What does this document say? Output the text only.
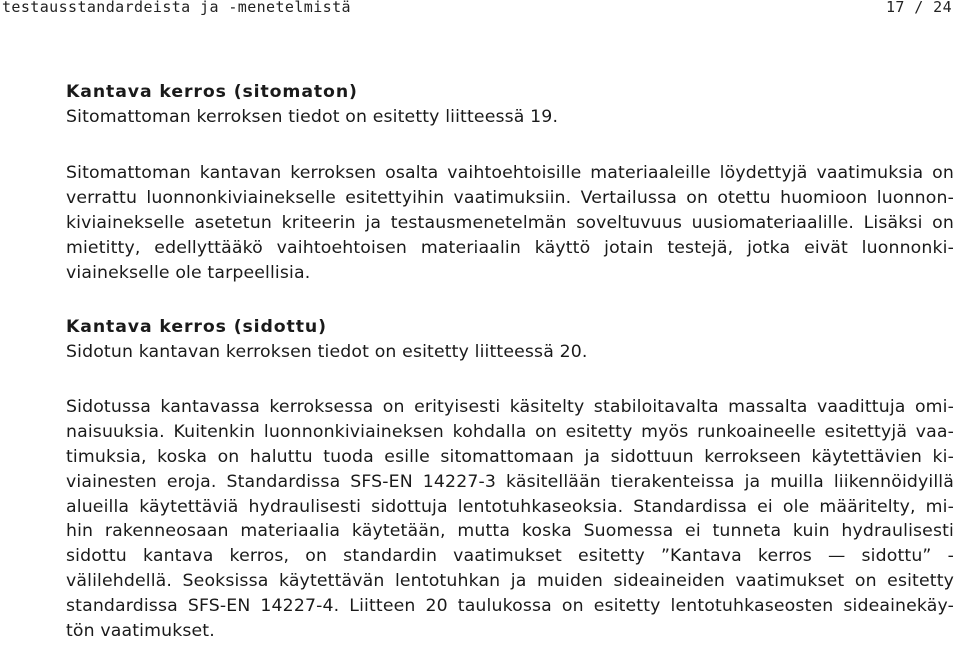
testausstandardeista ja -menetelmistä	17 / 24
Kantava kerros (sitomaton)
Sitomattoman kerroksen tiedot on esitetty liitteessä 19.
Sitomattoman kantavan kerroksen osalta vaihtoehtoisille materiaaleille löydettyjä vaatimuksia on
verrattu luonnonkiviainekselle esitettyihin vaatimuksiin. Vertailussa on otettu huomioon luonnon-
kiviainekselle asetetun kriteerin ja testausmenetelmän soveltuvuus uusiomateriaalille. Lisäksi on
mietitty, edellyttääkö vaihtoehtoisen materiaalin käyttö jotain testejä, jotka eivät luonnonki-
viainekselle ole tarpeellisia.
Kantava kerros (sidottu)
Sidotun kantavan kerroksen tiedot on esitetty liitteessä 20.
Sidotussa kantavassa kerroksessa on erityisesti käsitelty stabiloitavalta massalta vaadittuja omi-
naisuuksia. Kuitenkin luonnonkiviaineksen kohdalla on esitetty myös runkoaineelle esitettyjä vaa-
timuksia, koska on haluttu tuoda esille sitomattomaan ja sidottuun kerrokseen käytettävien ki-
viainesten eroja. Standardissa SFS-EN 14227-3 käsitellään tierakenteissa ja muilla liikennöidyillä
alueilla käytettäviä hydraulisesti sidottuja lentotuhkaseoksia. Standardissa ei ole määritelty, mi-
hin rakenneosaan materiaalia käytetään, mutta koska Suomessa ei tunneta kuin hydraulisesti
sidottu kantava kerros, on standardin vaatimukset esitetty ”Kantava kerros — sidottu” -
välilehdellä. Seoksissa käytettävän lentotuhkan ja muiden sideaineiden vaatimukset on esitetty
standardissa SFS-EN 14227-4. Liitteen 20 taulukossa on esitetty lentotuhkaseosten sideainekäy-
tön vaatimukset.
